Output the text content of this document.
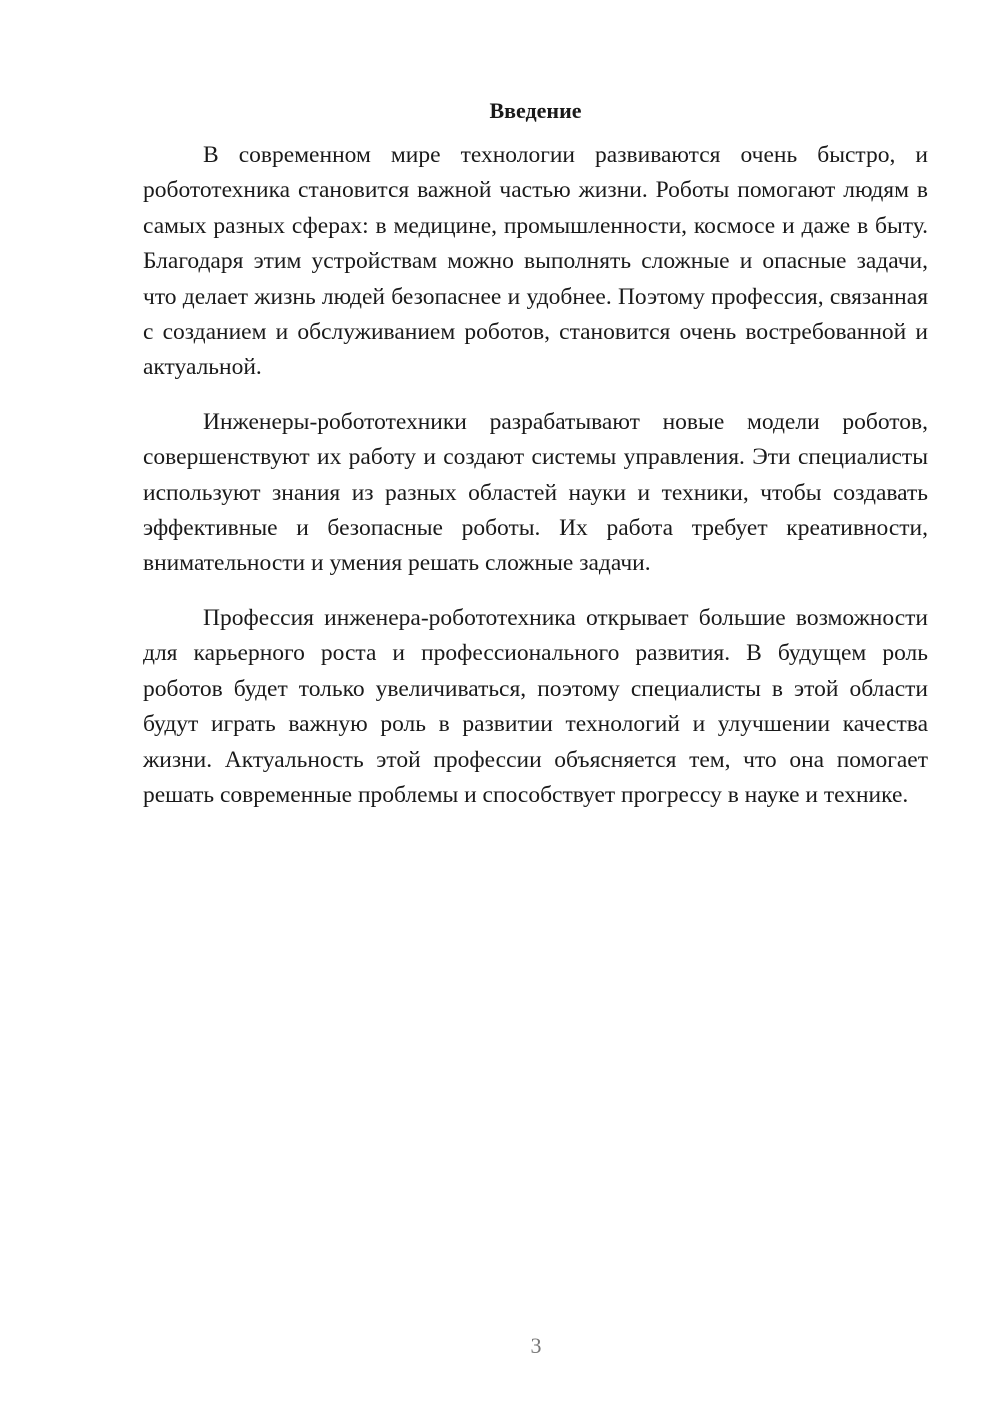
Введение

В современном мире технологии развиваются очень быстро, и робототехника становится важной частью жизни. Роботы помогают людям в самых разных сферах: в медицине, промышленности, космосе и даже в быту. Благодаря этим устройствам можно выполнять сложные и опасные задачи, что делает жизнь людей безопаснее и удобнее. Поэтому профессия, связанная с созданием и обслуживанием роботов, становится очень востребованной и актуальной.

Инженеры-робототехники разрабатывают новые модели роботов, совершенствуют их работу и создают системы управления. Эти специалисты используют знания из разных областей науки и техники, чтобы создавать эффективные и безопасные роботы. Их работа требует креативности, внимательности и умения решать сложные задачи.

Профессия инженера-робототехника открывает большие возможности для карьерного роста и профессионального развития. В будущем роль роботов будет только увеличиваться, поэтому специалисты в этой области будут играть важную роль в развитии технологий и улучшении качества жизни. Актуальность этой профессии объясняется тем, что она помогает решать современные проблемы и способствует прогрессу в науке и технике.

3
